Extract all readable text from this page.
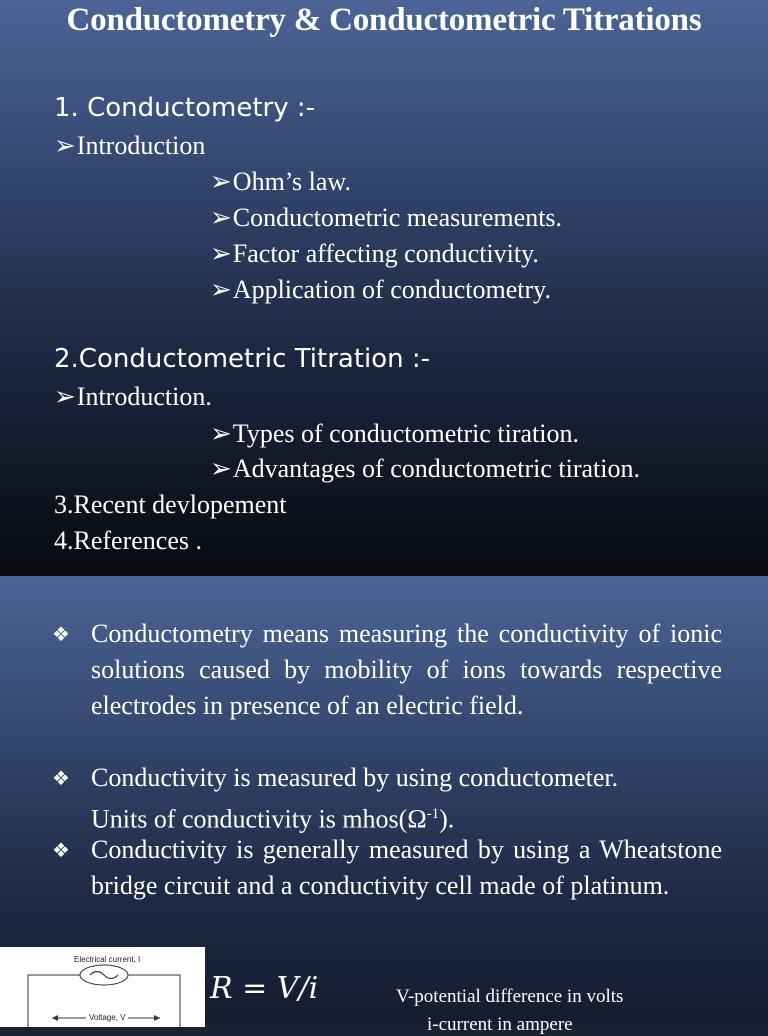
Conductometry & Conductometric Titrations
1. Conductometry :-
➢Introduction
➢Ohm’s law.
➢Conductometric measurements.
➢Factor affecting conductivity.
➢Application of conductometry.
2.Conductometric Titration :-
➢Introduction.
➢Types of conductometric tiration.
➢Advantages of conductometric tiration.
3.Recent devlopement
4.References .
❖ Conductometry means measuring the conductivity of ionic solutions caused by mobility of ions towards respective electrodes in presence of an electric field.
❖ Conductivity is measured by using conductometer.
Units of conductivity is $mhos(\Omega^{-1})$.
❖ Conductivity is generally measured by using a Wheatstone bridge circuit and a conductivity cell made of platinum.
Electrical current, I
Voltage, V
R = V/i	V-potential difference in volts
i-current in ampere
